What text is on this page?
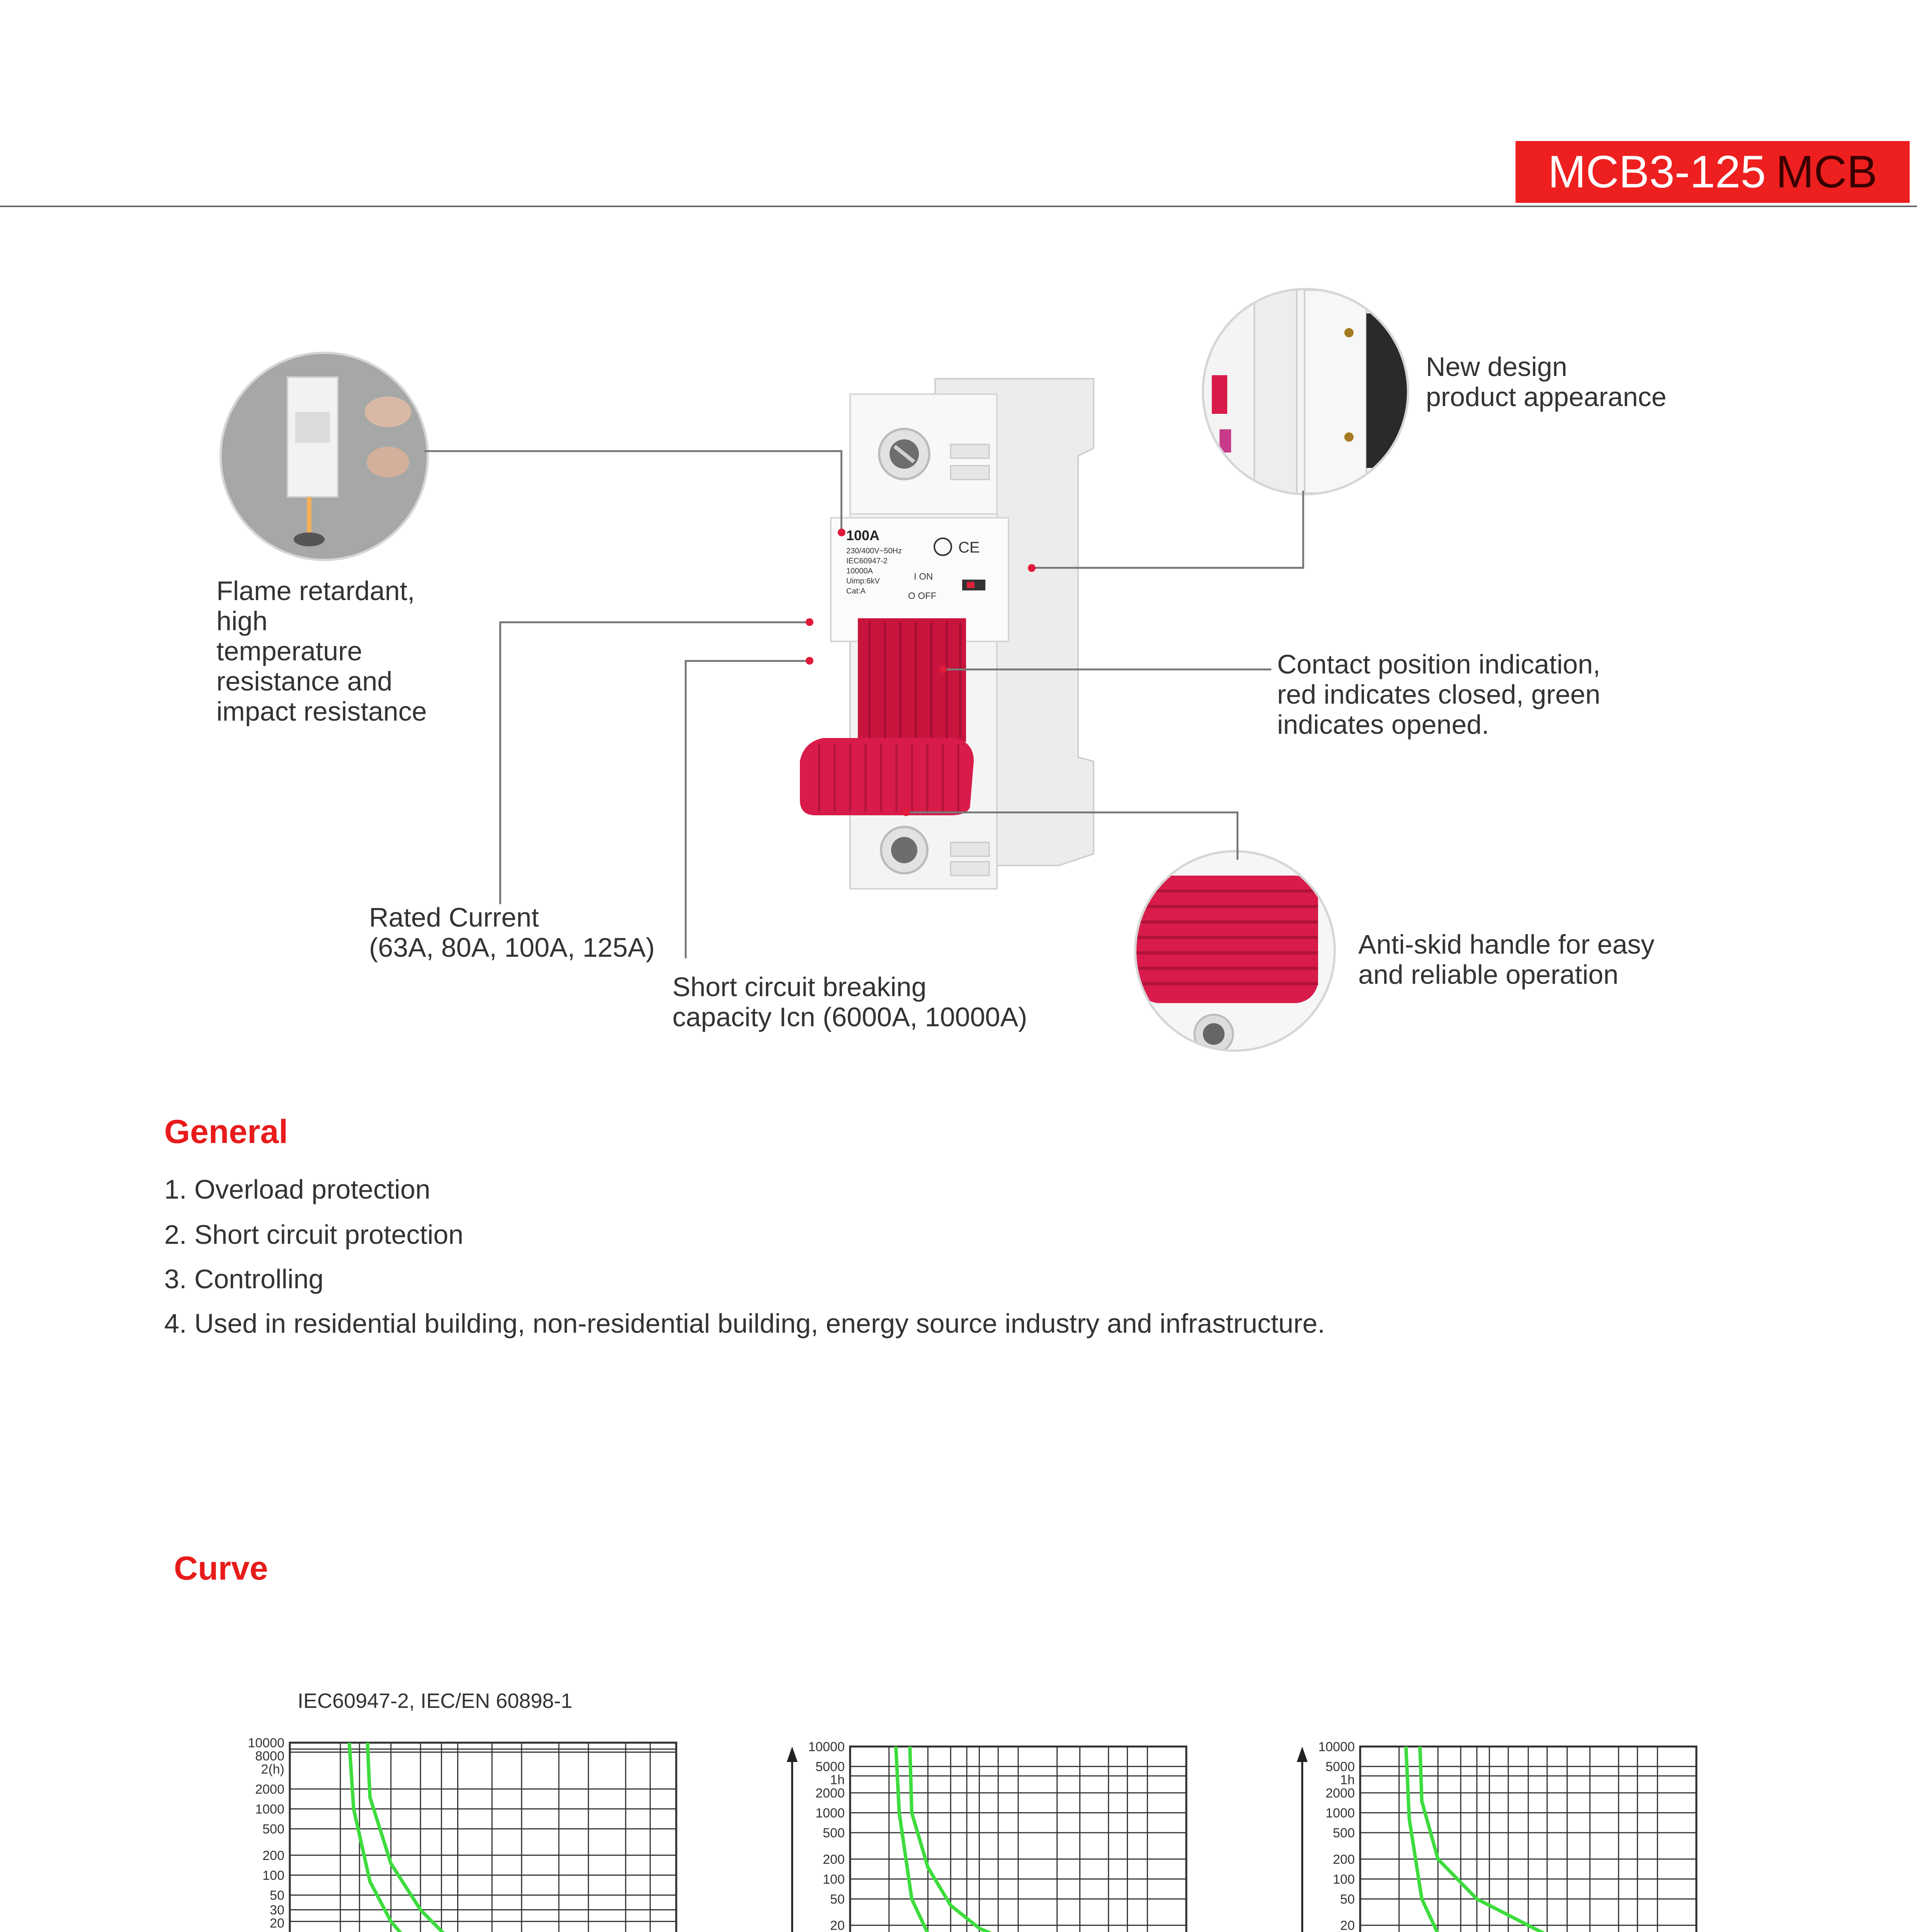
MCB3-125 MCB
100A
230/400V~50Hz
IEC60947-2
10000A
Uimp:6kV
Cat:A
I ON
O OFF
CE
Flame retardant,
high
temperature
resistance and
impact resistance
New design
product appearance
Contact position indication,
red indicates closed, green
indicates opened.
Rated Current
(63A, 80A, 100A, 125A)
Short circuit breaking
capacity Icn (6000A, 10000A)
Anti-skid handle for easy
and reliable operation
General
1. Overload protection
2. Short circuit protection
3. Controlling
4. Used in residential building, non-residential building, energy source industry and infrastructure.
Curve
IEC60947-2, IEC/EN 60898-1
10000
8000
2(h)
2000
1000
500
200
100
50
30
20
10000
5000
1h
2000
1000
500
200
100
50
20
10000
5000
1h
2000
1000
500
200
100
50
20
